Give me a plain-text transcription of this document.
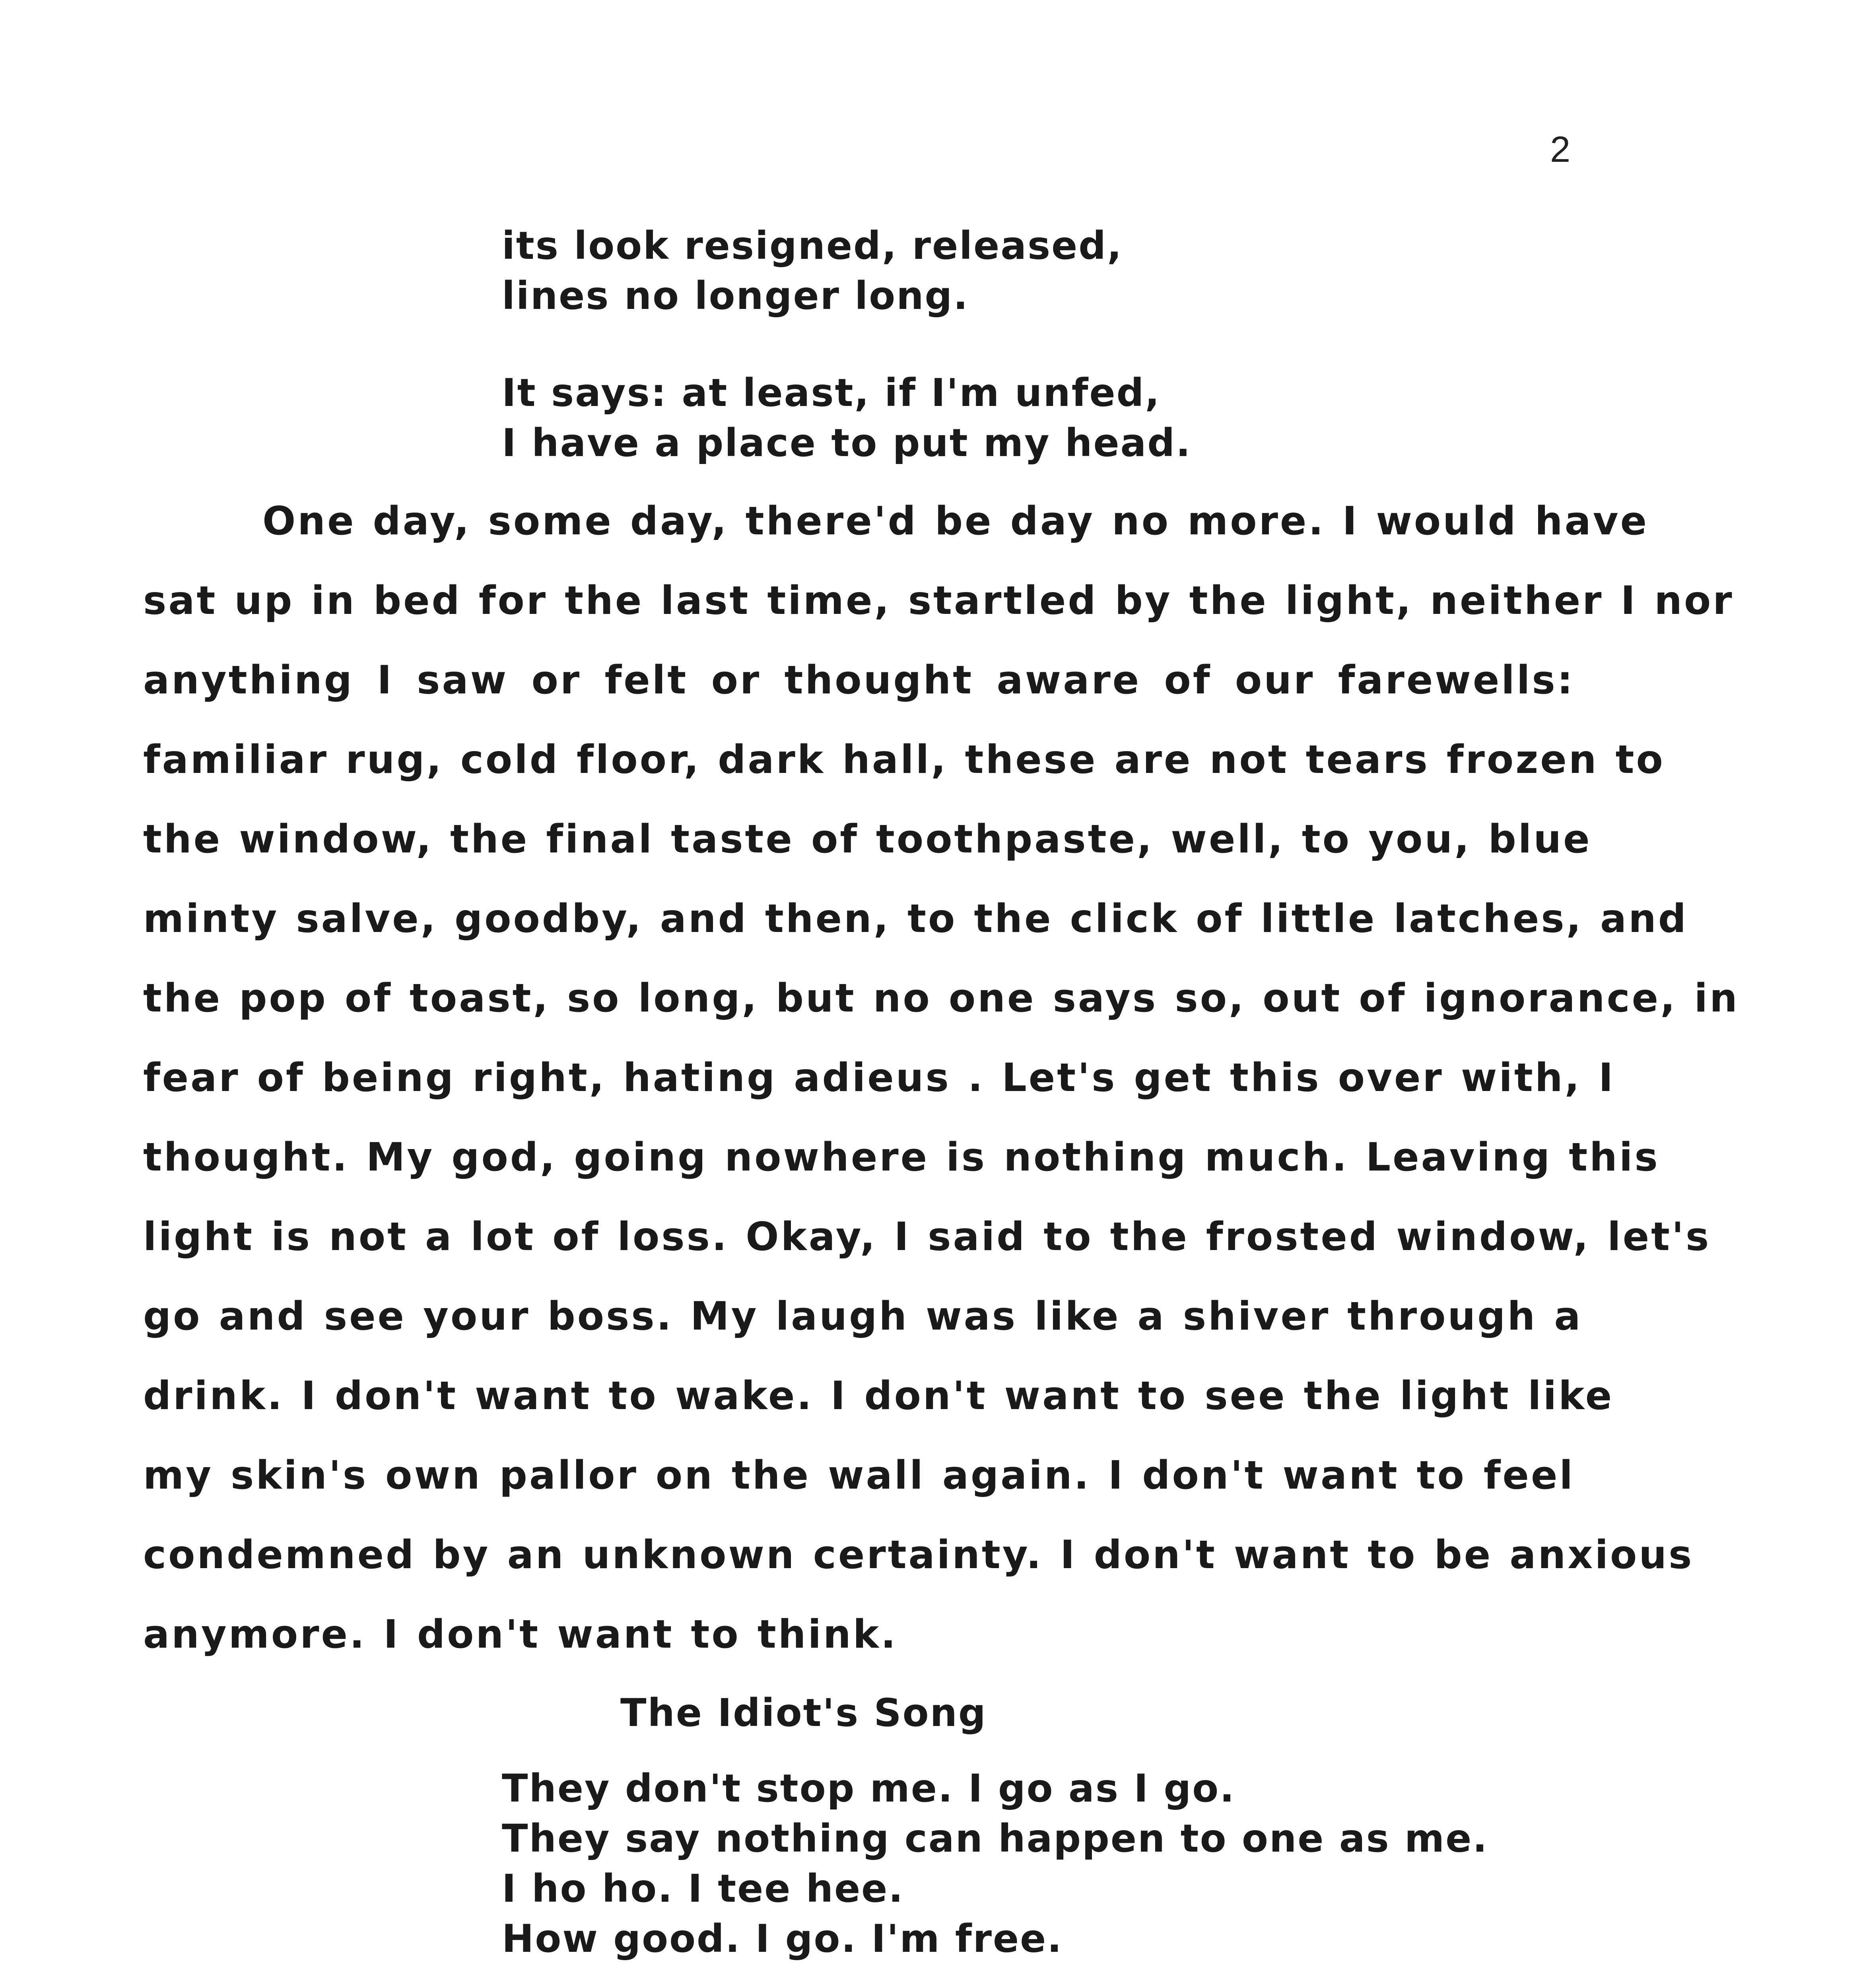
2
its look resigned, released,
lines no longer long.
It says: at least, if I'm unfed,
I have a place to put my head.
One day, some day, there'd be day no more. I would have
sat up in bed for the last time, startled by the light, neither I nor
anything I saw or felt or thought aware of our farewells:
familiar rug, cold floor, dark hall, these are not tears frozen to
the window, the final taste of toothpaste, well, to you, blue
minty salve, goodby, and then, to the click of little latches, and
the pop of toast, so long, but no one says so, out of ignorance, in
fear of being right, hating adieus . Let's get this over with, I
thought. My god, going nowhere is nothing much. Leaving this
light is not a lot of loss. Okay, I said to the frosted window, let's
go and see your boss. My laugh was like a shiver through a
drink. I don't want to wake. I don't want to see the light like
my skin's own pallor on the wall again. I don't want to feel
condemned by an unknown certainty. I don't want to be anxious
anymore. I don't want to think.
The Idiot's Song
They don't stop me. I go as I go.
They say nothing can happen to one as me.
I ho ho. I tee hee.
How good. I go. I'm free.
